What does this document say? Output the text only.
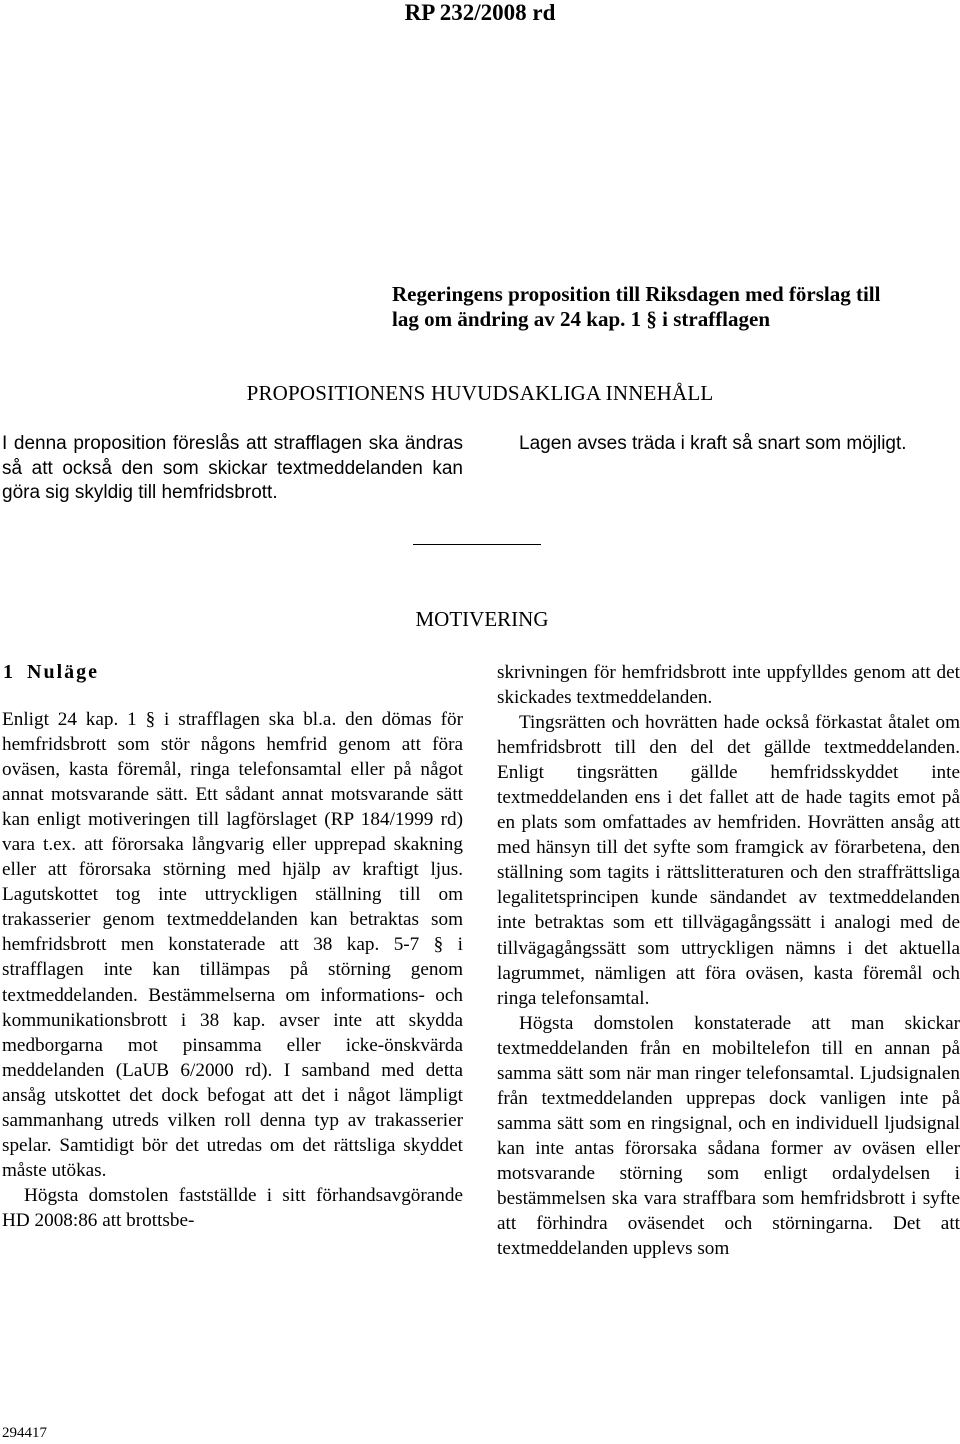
RP 232/2008 rd
Regeringens proposition till Riksdagen med förslag till
lag om ändring av 24 kap. 1 § i strafflagen
PROPOSITIONENS HUVUDSAKLIGA INNEHÅLL
I denna proposition föreslås att strafflagen ska ändras så att också den som skickar textmeddelanden kan göra sig skyldig till hemfridsbrott.
Lagen avses träda i kraft så snart som möjligt.
MOTIVERING
1 Nuläge

Enligt 24 kap. 1 § i strafflagen ska bl.a. den dömas för hemfridsbrott som stör någons hemfrid genom att föra oväsen, kasta föremål, ringa telefonsamtal eller på något annat motsvarande sätt. Ett sådant annat motsvarande sätt kan enligt motiveringen till lagförslaget (RP 184/1999 rd) vara t.ex. att förorsaka långvarig eller upprepad skakning eller att förorsaka störning med hjälp av kraftigt ljus. Lagutskottet tog inte uttryckligen ställning till om trakasserier genom textmeddelanden kan betraktas som hemfridsbrott men konstaterade att 38 kap. 5-7 § i strafflagen inte kan tillämpas på störning genom textmeddelanden. Bestämmelserna om informations- och kommunikationsbrott i 38 kap. avser inte att skydda medborgarna mot pinsamma eller icke-önskvärda meddelanden (LaUB 6/2000 rd). I samband med detta ansåg utskottet det dock befogat att det i något lämpligt sammanhang utreds vilken roll denna typ av trakasserier spelar. Samtidigt bör det utredas om det rättsliga skyddet måste utökas.

Högsta domstolen fastställde i sitt förhandsavgörande HD 2008:86 att brottsbe-

skrivningen för hemfridsbrott inte uppfylldes genom att det skickades textmeddelanden.

Tingsrätten och hovrätten hade också förkastat åtalet om hemfridsbrott till den del det gällde textmeddelanden. Enligt tingsrätten gällde hemfridsskyddet inte textmeddelanden ens i det fallet att de hade tagits emot på en plats som omfattades av hemfriden. Hovrätten ansåg att med hänsyn till det syfte som framgick av förarbetena, den ställning som tagits i rättslitteraturen och den straffrättsliga legalitetsprincipen kunde sändandet av textmeddelanden inte betraktas som ett tillvägagångssätt i analogi med de tillvägagångssätt som uttryckligen nämns i det aktuella lagrummet, nämligen att föra oväsen, kasta föremål och ringa telefonsamtal.

Högsta domstolen konstaterade att man skickar textmeddelanden från en mobiltelefon till en annan på samma sätt som när man ringer telefonsamtal. Ljudsignalen från textmeddelanden upprepas dock vanligen inte på samma sätt som en ringsignal, och en individuell ljudsignal kan inte antas förorsaka sådana former av oväsen eller motsvarande störning som enligt ordalydelsen i bestämmelsen ska vara straffbara som hemfridsbrott i syfte att förhindra oväsendet och störningarna. Det att textmeddelanden upplevs som

294417
